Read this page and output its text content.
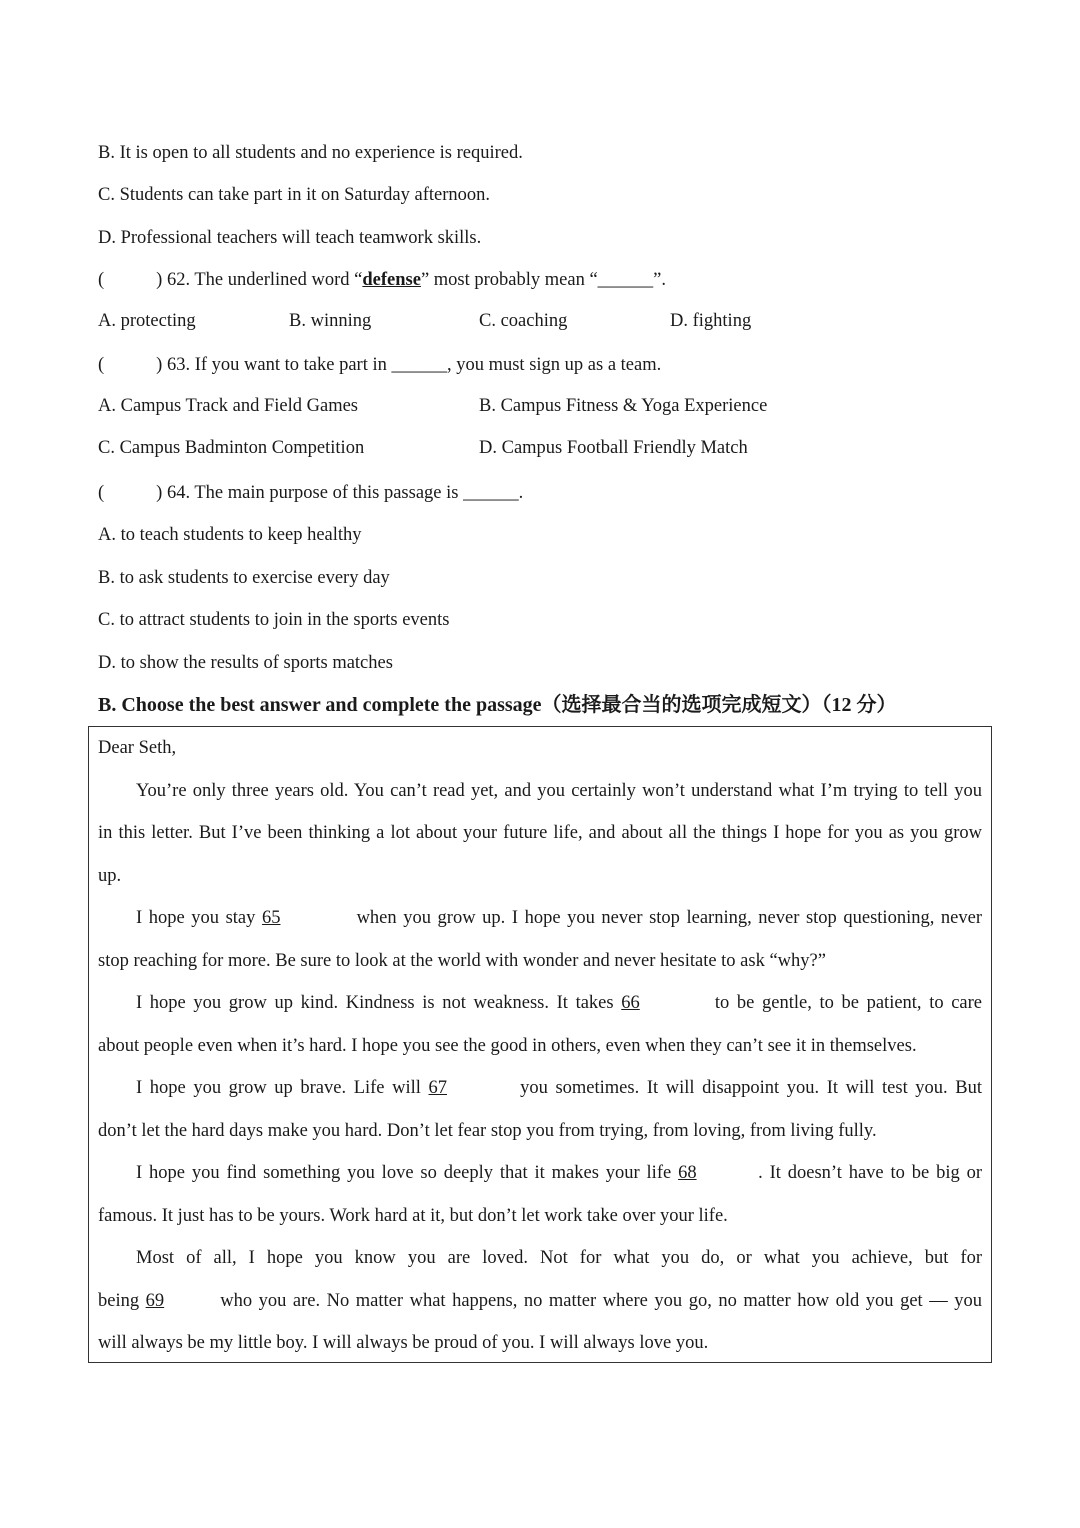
B. It is open to all students and no experience is required.
C. Students can take part in it on Saturday afternoon.
D. Professional teachers will teach teamwork skills.
(	) 62. The underlined word “defense” most probably mean “______”.
A. protecting	B. winning	C. coaching	D. fighting
(	) 63. If you want to take part in ______, you must sign up as a team.
A. Campus Track and Field Games	B. Campus Fitness & Yoga Experience
C. Campus Badminton Competition	D. Campus Football Friendly Match
(	) 64. The main purpose of this passage is ______.
A. to teach students to keep healthy
B. to ask students to exercise every day
C. to attract students to join in the sports events
D. to show the results of sports matches
B. Choose the best answer and complete the passage（选择最合当的选项完成短文）（12 分）
Dear Seth,
You’re only three years old. You can’t read yet, and you certainly won’t understand what I’m trying to tell you
in this letter. But I’ve been thinking a lot about your future life, and about all the things I hope for you as you grow
up.
I hope you stay 65	when you grow up. I hope you never stop learning, never stop questioning, never
stop reaching for more. Be sure to look at the world with wonder and never hesitate to ask “why?”
I hope you grow up kind. Kindness is not weakness. It takes 66	to be gentle, to be patient, to care
about people even when it’s hard. I hope you see the good in others, even when they can’t see it in themselves.
I hope you grow up brave. Life will 67	you sometimes. It will disappoint you. It will test you. But
don’t let the hard days make you hard. Don’t let fear stop you from trying, from loving, from living fully.
I hope you find something you love so deeply that it makes your life 68	. It doesn’t have to be big or
famous. It just has to be yours. Work hard at it, but don’t let work take over your life.
Most of all, I hope you know you are loved. Not for what you do, or what you achieve, but for
being 69	who you are. No matter what happens, no matter where you go, no matter how old you get — you
will always be my little boy. I will always be proud of you. I will always love you.
